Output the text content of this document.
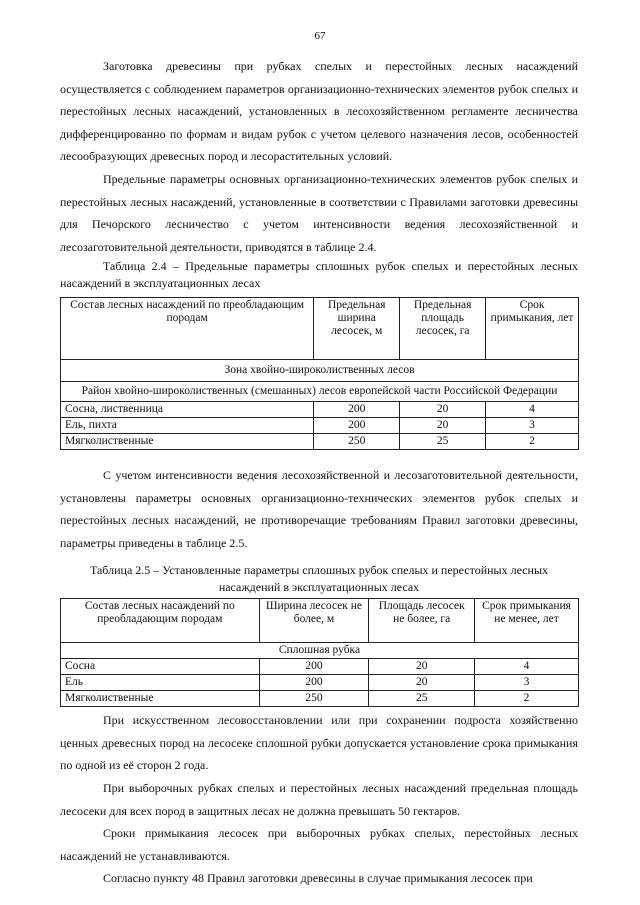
67

Заготовка древесины при рубках спелых и перестойных лесных насаждений осуществляется с соблюдением параметров организационно-технических элементов рубок спелых и перестойных лесных насаждений, установленных в лесохозяйственном регламенте лесничества дифференцированно по формам и видам рубок с учетом целевого назначения лесов, особенностей лесообразующих древесных пород и лесорастительных условий.

Предельные параметры основных организационно-технических элементов рубок спелых и перестойных лесных насаждений, установленные в соответствии с Правилами заготовки древесины для Печорского лесничество с учетом интенсивности ведения лесохозяйственной и лесозаготовительной деятельности, приводятся в таблице 2.4.

Таблица 2.4 – Предельные параметры сплошных рубок спелых и перестойных лесных насаждений в эксплуатационных лесах

Состав лесных насаждений по преобладающим породам	Предельная ширина лесосек, м	Предельная площадь лесосек, га	Срок примыкания, лет
Зона хвойно-широколиственных лесов			
Район хвойно-широколиственных (смешанных) лесов европейской части Российской Федерации			
Сосна, лиственница	200	20	4
Ель, пихта	200	20	3
Мягколиственные	250	25	2

С учетом интенсивности ведения лесохозяйственной и лесозаготовительной деятельности, установлены параметры основных организационно-технических элементов рубок спелых и перестойных лесных насаждений, не противоречащие требованиям Правил заготовки древесины, параметры приведены в таблице 2.5.

Таблица 2.5 – Установленные параметры сплошных рубок спелых и перестойных лесных насаждений в эксплуатационных лесах

Состав лесных насаждений по преобладающим породам	Ширина лесосек не более, м	Площадь лесосек не более, га	Срок примыкания не менее, лет
Сплошная рубка			
Сосна	200	20	4
Ель	200	20	3
Мягколиственные	250	25	2

При искусственном лесовосстановлении или при сохранении подроста хозяйственно ценных древесных пород на лесосеке сплошной рубки допускается установление срока примыкания по одной из её сторон 2 года.

При выборочных рубках спелых и перестойных лесных насаждений предельная площадь лесосеки для всех пород в защитных лесах не должна превышать 50 гектаров.

Сроки примыкания лесосек при выборочных рубках спелых, перестойных лесных насаждений не устанавливаются.

Согласно пункту 48 Правил заготовки древесины в случае примыкания лесосек при
